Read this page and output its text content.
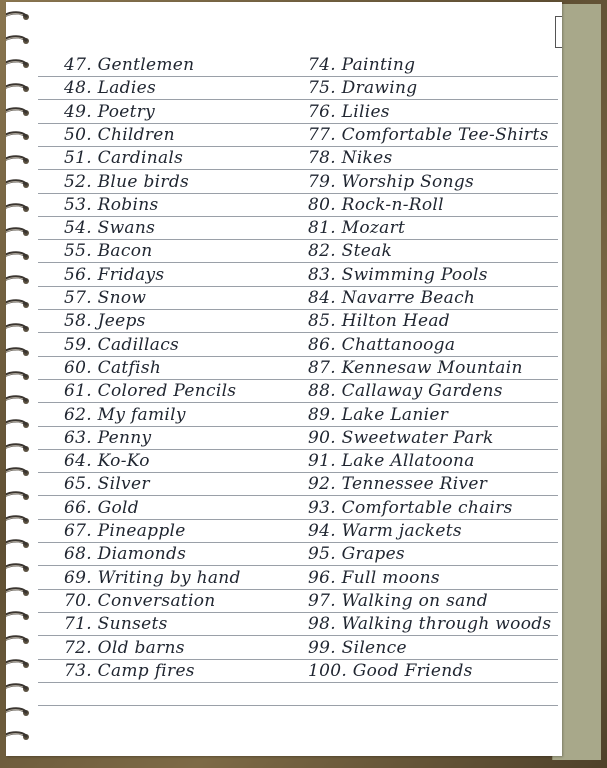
47. Gentlemen
48. Ladies
49. Poetry
50. Children
51. Cardinals
52. Blue birds
53. Robins
54. Swans
55. Bacon
56. Fridays
57. Snow
58. Jeeps
59. Cadillacs
60. Catfish
61. Colored Pencils
62. My family
63. Penny
64. Ko-Ko
65. Silver
66. Gold
67. Pineapple
68. Diamonds
69. Writing by hand
70. Conversation
71. Sunsets
72. Old barns
73. Camp fires
74. Painting
75. Drawing
76. Lilies
77. Comfortable Tee-Shirts
78. Nikes
79. Worship Songs
80. Rock-n-Roll
81. Mozart
82. Steak
83. Swimming Pools
84. Navarre Beach
85. Hilton Head
86. Chattanooga
87. Kennesaw Mountain
88. Callaway Gardens
89. Lake Lanier
90. Sweetwater Park
91. Lake Allatoona
92. Tennessee River
93. Comfortable chairs
94. Warm jackets
95. Grapes
96. Full moons
97. Walking on sand
98. Walking through woods
99. Silence
100. Good Friends
